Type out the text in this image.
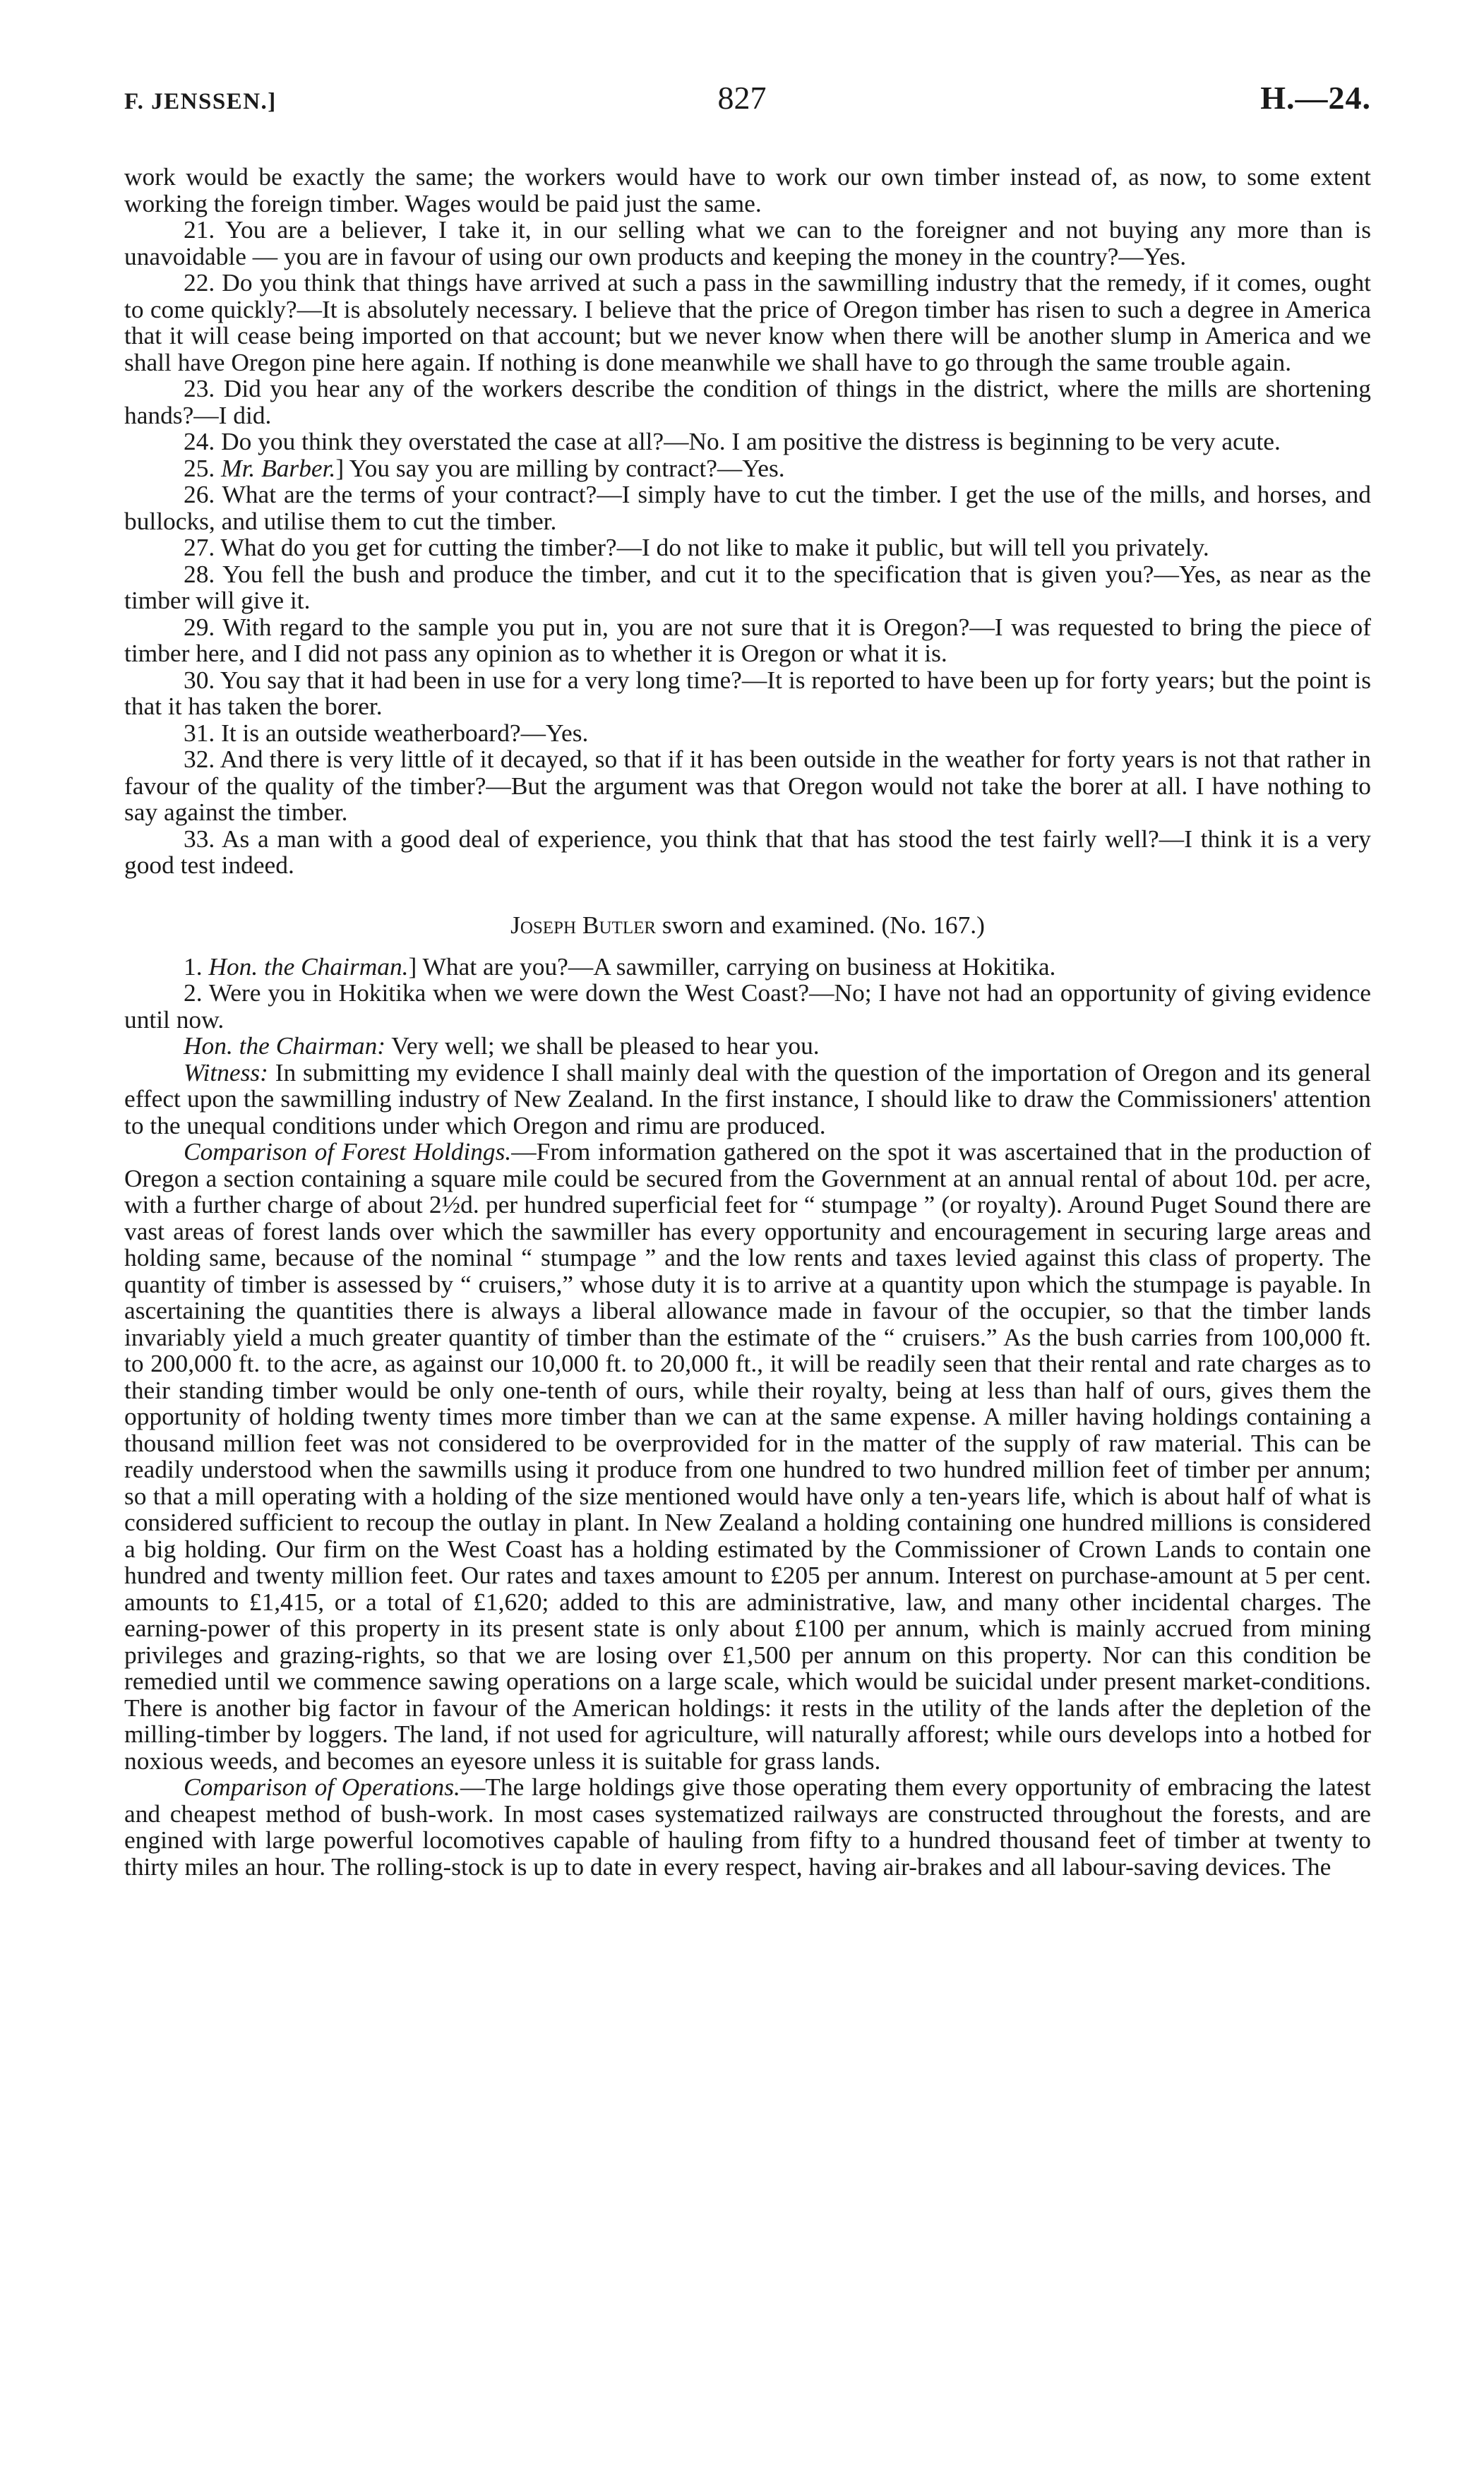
F. JENSSEN.]	H.—24.
827

work would be exactly the same; the workers would have to work our own timber instead of, as now, to some extent working the foreign timber. Wages would be paid just the same.

21. You are a believer, I take it, in our selling what we can to the foreigner and not buying any more than is unavoidable — you are in favour of using our own products and keeping the money in the country?—Yes.

22. Do you think that things have arrived at such a pass in the sawmilling industry that the remedy, if it comes, ought to come quickly?—It is absolutely necessary. I believe that the price of Oregon timber has risen to such a degree in America that it will cease being imported on that account; but we never know when there will be another slump in America and we shall have Oregon pine here again. If nothing is done meanwhile we shall have to go through the same trouble again.

23. Did you hear any of the workers describe the condition of things in the district, where the mills are shortening hands?—I did.

24. Do you think they overstated the case at all?—No. I am positive the distress is beginning to be very acute.

25. Mr. Barber.] You say you are milling by contract?—Yes.

26. What are the terms of your contract?—I simply have to cut the timber. I get the use of the mills, and horses, and bullocks, and utilise them to cut the timber.

27. What do you get for cutting the timber?—I do not like to make it public, but will tell you privately.

28. You fell the bush and produce the timber, and cut it to the specification that is given you?—Yes, as near as the timber will give it.

29. With regard to the sample you put in, you are not sure that it is Oregon?—I was requested to bring the piece of timber here, and I did not pass any opinion as to whether it is Oregon or what it is.

30. You say that it had been in use for a very long time?—It is reported to have been up for forty years; but the point is that it has taken the borer.

31. It is an outside weatherboard?—Yes.

32. And there is very little of it decayed, so that if it has been outside in the weather for forty years is not that rather in favour of the quality of the timber?—But the argument was that Oregon would not take the borer at all. I have nothing to say against the timber.

33. As a man with a good deal of experience, you think that that has stood the test fairly well?—I think it is a very good test indeed.

Joseph Butler sworn and examined. (No. 167.)

1. Hon. the Chairman.] What are you?—A sawmiller, carrying on business at Hokitika.

2. Were you in Hokitika when we were down the West Coast?—No; I have not had an opportunity of giving evidence until now.

Hon. the Chairman: Very well; we shall be pleased to hear you.

Witness: In submitting my evidence I shall mainly deal with the question of the importation of Oregon and its general effect upon the sawmilling industry of New Zealand. In the first instance, I should like to draw the Commissioners' attention to the unequal conditions under which Oregon and rimu are produced.

Comparison of Forest Holdings.—From information gathered on the spot it was ascertained that in the production of Oregon a section containing a square mile could be secured from the Government at an annual rental of about 10d. per acre, with a further charge of about 2½d. per hundred superficial feet for “ stumpage ” (or royalty). Around Puget Sound there are vast areas of forest lands over which the sawmiller has every opportunity and encouragement in securing large areas and holding same, because of the nominal “ stumpage ” and the low rents and taxes levied against this class of property. The quantity of timber is assessed by “ cruisers,” whose duty it is to arrive at a quantity upon which the stumpage is payable. In ascertaining the quantities there is always a liberal allowance made in favour of the occupier, so that the timber lands invariably yield a much greater quantity of timber than the estimate of the “ cruisers.” As the bush carries from 100,000 ft. to 200,000 ft. to the acre, as against our 10,000 ft. to 20,000 ft., it will be readily seen that their rental and rate charges as to their standing timber would be only one-tenth of ours, while their royalty, being at less than half of ours, gives them the opportunity of holding twenty times more timber than we can at the same expense. A miller having holdings containing a thousand million feet was not considered to be overprovided for in the matter of the supply of raw material. This can be readily understood when the sawmills using it produce from one hundred to two hundred million feet of timber per annum; so that a mill operating with a holding of the size mentioned would have only a ten-years life, which is about half of what is considered sufficient to recoup the outlay in plant. In New Zealand a holding containing one hundred millions is considered a big holding. Our firm on the West Coast has a holding estimated by the Commissioner of Crown Lands to contain one hundred and twenty million feet. Our rates and taxes amount to £205 per annum. Interest on purchase-amount at 5 per cent. amounts to £1,415, or a total of £1,620; added to this are administrative, law, and many other incidental charges. The earning-power of this property in its present state is only about £100 per annum, which is mainly accrued from mining privileges and grazing-rights, so that we are losing over £1,500 per annum on this property. Nor can this condition be remedied until we commence sawing operations on a large scale, which would be suicidal under present market-conditions. There is another big factor in favour of the American holdings: it rests in the utility of the lands after the depletion of the milling-timber by loggers. The land, if not used for agriculture, will naturally afforest; while ours develops into a hotbed for noxious weeds, and becomes an eyesore unless it is suitable for grass lands.

Comparison of Operations.—The large holdings give those operating them every opportunity of embracing the latest and cheapest method of bush-work. In most cases systematized railways are constructed throughout the forests, and are engined with large powerful locomotives capable of hauling from fifty to a hundred thousand feet of timber at twenty to thirty miles an hour. The rolling-stock is up to date in every respect, having air-brakes and all labour-saving devices. The
